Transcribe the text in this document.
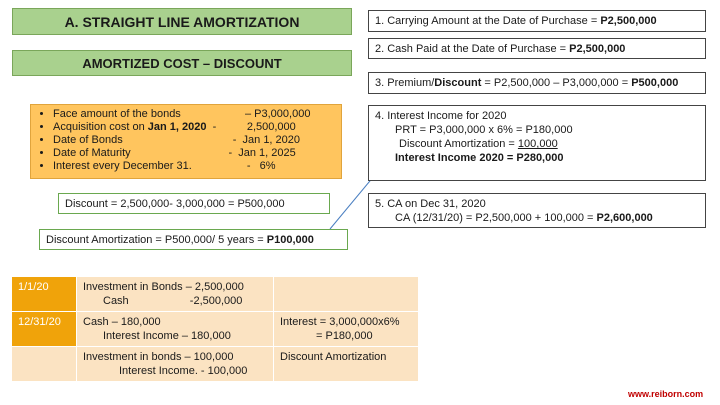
A. STRAIGHT LINE AMORTIZATION
AMORTIZED COST – DISCOUNT
• Face amount of the bonds	– P3,000,000
• Acquisition cost on Jan 1, 2020 -          2,500,000
• Date of Bonds	-  Jan 1, 2020
• Date of Maturity	-  Jan 1, 2025
• Interest every December 31.	-   6%
Discount = 2,500,000- 3,000,000 = P500,000
Discount Amortization = P500,000/ 5 years = P100,000
1. Carrying Amount at the Date of Purchase = P2,500,000
2. Cash Paid at the Date of Purchase = P2,500,000
3. Premium/Discount = P2,500,000 – P3,000,000 = P500,000
4. Interest Income for 2020
PRT = P3,000,000 x 6% = P180,000
Discount Amortization = 100,000
Interest Income 2020 = P280,000
5. CA on Dec 31, 2020
CA (12/31/20) = P2,500,000 + 100,000 = P2,600,000
1/1/20	Investment in Bonds – 2,500,000
Cash                    -2,500,000	

12/31/20	Cash – 180,000
Interest Income – 180,000	Interest = 3,000,000x6%
= P180,000

	Investment in bonds – 100,000
Interest Income. - 100,000	Discount Amortization
www.reiborn.com
